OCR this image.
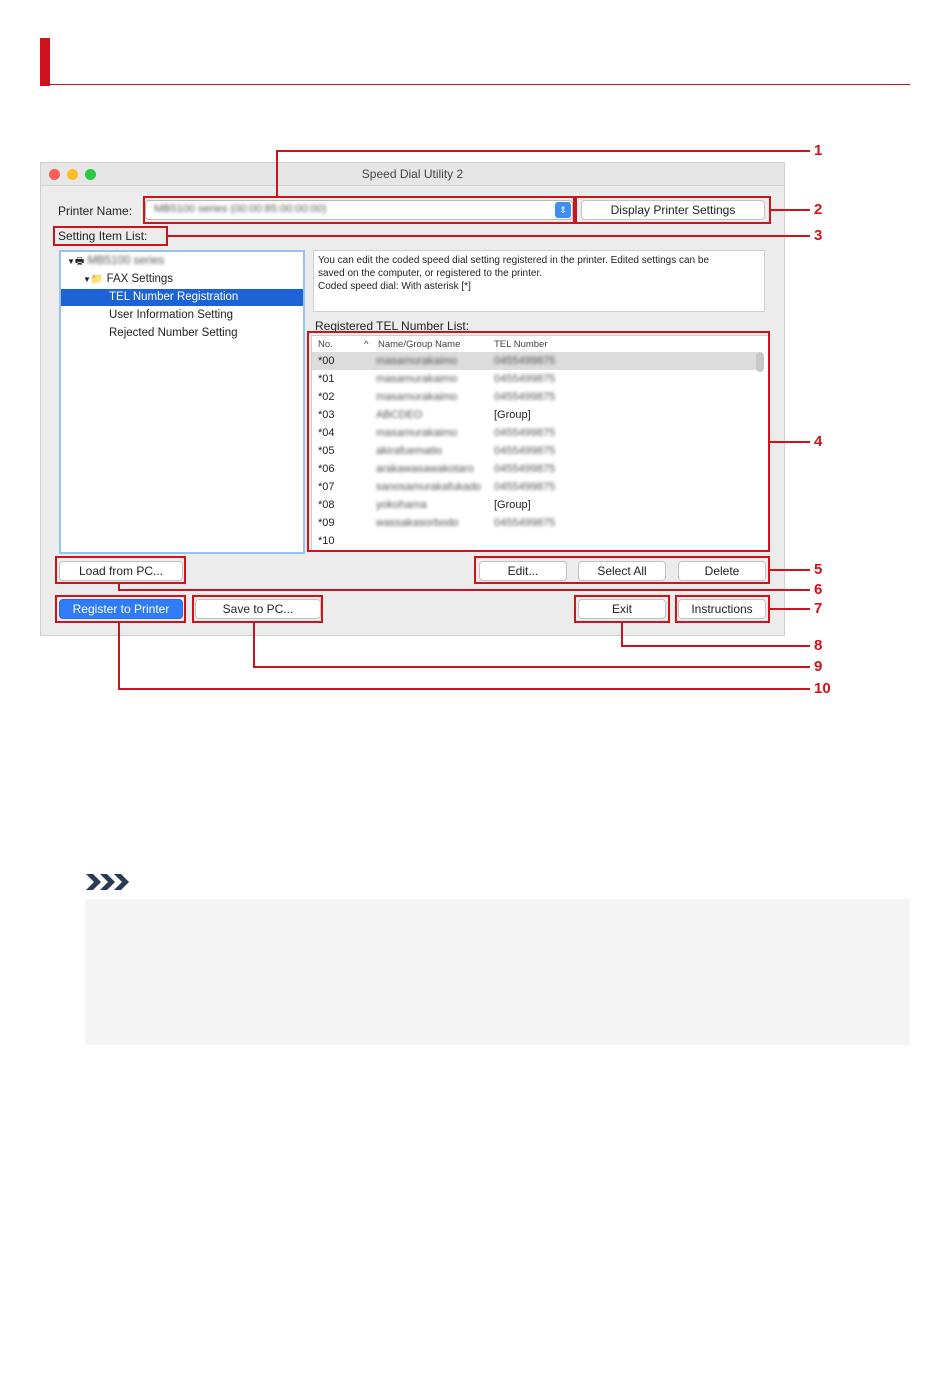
Speed Dial Utility 2
Printer Name:	MB5100 series (00:00:85:00:00:00)	⇕	Display Printer Settings
Setting Item List:
▼🖶 MB5100 series
▼📁 FAX Settings
TEL Number Registration
User Information Setting
Rejected Number Setting
You can edit the coded speed dial setting registered in the printer. Edited settings can be
saved on the computer, or registered to the printer.
Coded speed dial: With asterisk [*]
Registered TEL Number List:
No.	^ Name/Group Name	TEL Number
*00	masamurakaimo	0455499875
*01	masamurakaimo	0455499875
*02	masamurakaimo	0455499875
*03	ABCDEO	[Group]
*04	masamurakaimo	0455499875
*05	akirafuematio	0455499875
*06	arakawasawakotaro 0455499875
*07	sanosamurakafukado 0455499875
*08	yokohama	[Group]
*09	wassakasorbodo	0455499875
*10
Load from PC...	Edit...	Select All	Delete
Register to Printer	Save to PC...	Exit	Instructions
1
2
3
4
5
6
7
8
9
10
